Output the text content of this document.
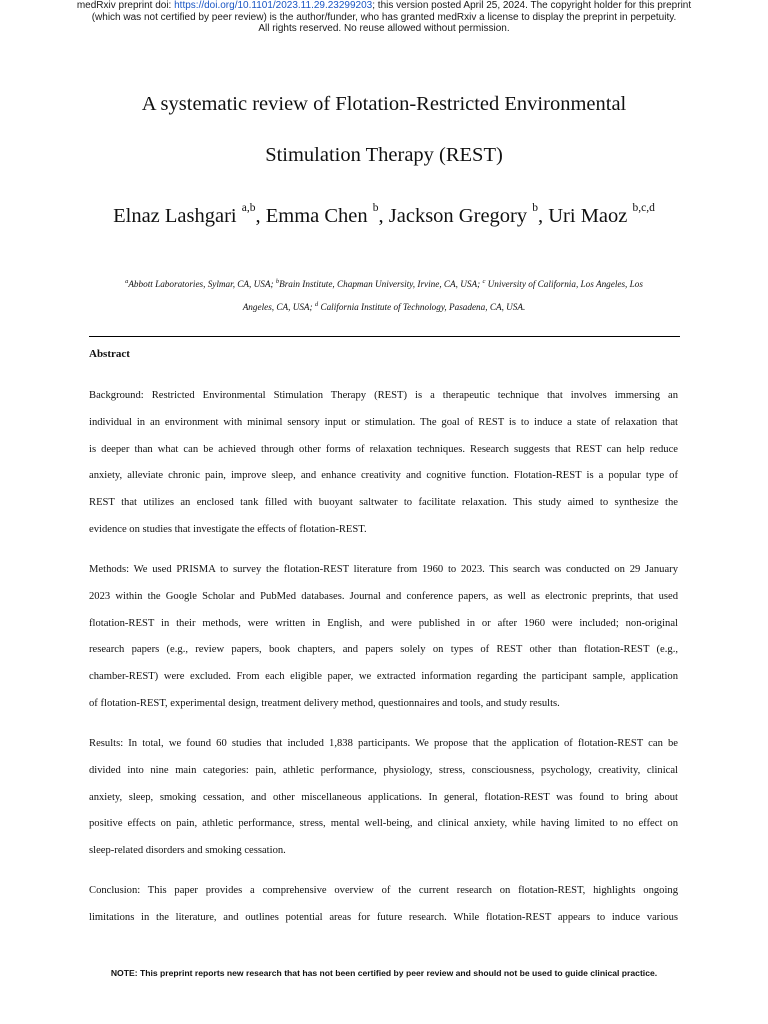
medRxiv preprint doi: https://doi.org/10.1101/2023.11.29.23299203; this version posted April 25, 2024. The copyright holder for this preprint
(which was not certified by peer review) is the author/funder, who has granted medRxiv a license to display the preprint in perpetuity.
All rights reserved. No reuse allowed without permission.
A systematic review of Flotation-Restricted Environmental
Stimulation Therapy (REST)
Elnaz Lashgari $^{a,b}$, Emma Chen $^b$, Jackson Gregory $^b$, Uri Maoz $^{b,c,d}$
$^a$Abbott Laboratories, Sylmar, CA, USA; $^b$Brain Institute, Chapman University, Irvine, CA, USA; $^c$ University of California, Los Angeles, Los
Angeles, CA, USA; $^d$ California Institute of Technology, Pasadena, CA, USA.
Abstract
Background: Restricted Environmental Stimulation Therapy (REST) is a therapeutic technique that involves immersing an
individual in an environment with minimal sensory input or stimulation. The goal of REST is to induce a state of relaxation that
is deeper than what can be achieved through other forms of relaxation techniques. Research suggests that REST can help reduce
anxiety, alleviate chronic pain, improve sleep, and enhance creativity and cognitive function. Flotation-REST is a popular type of
REST that utilizes an enclosed tank filled with buoyant saltwater to facilitate relaxation. This study aimed to synthesize the
evidence on studies that investigate the effects of flotation-REST.
Methods: We used PRISMA to survey the flotation-REST literature from 1960 to 2023. This search was conducted on 29 January
2023 within the Google Scholar and PubMed databases. Journal and conference papers, as well as electronic preprints, that used
flotation-REST in their methods, were written in English, and were published in or after 1960 were included; non-original
research papers (e.g., review papers, book chapters, and papers solely on types of REST other than flotation-REST (e.g.,
chamber-REST) were excluded. From each eligible paper, we extracted information regarding the participant sample, application
of flotation-REST, experimental design, treatment delivery method, questionnaires and tools, and study results.
Results: In total, we found 60 studies that included 1,838 participants. We propose that the application of flotation-REST can be
divided into nine main categories: pain, athletic performance, physiology, stress, consciousness, psychology, creativity, clinical
anxiety, sleep, smoking cessation, and other miscellaneous applications. In general, flotation-REST was found to bring about
positive effects on pain, athletic performance, stress, mental well-being, and clinical anxiety, while having limited to no effect on
sleep-related disorders and smoking cessation.
Conclusion: This paper provides a comprehensive overview of the current research on flotation-REST, highlights ongoing
limitations in the literature, and outlines potential areas for future research. While flotation-REST appears to induce various
NOTE: This preprint reports new research that has not been certified by peer review and should not be used to guide clinical practice.
